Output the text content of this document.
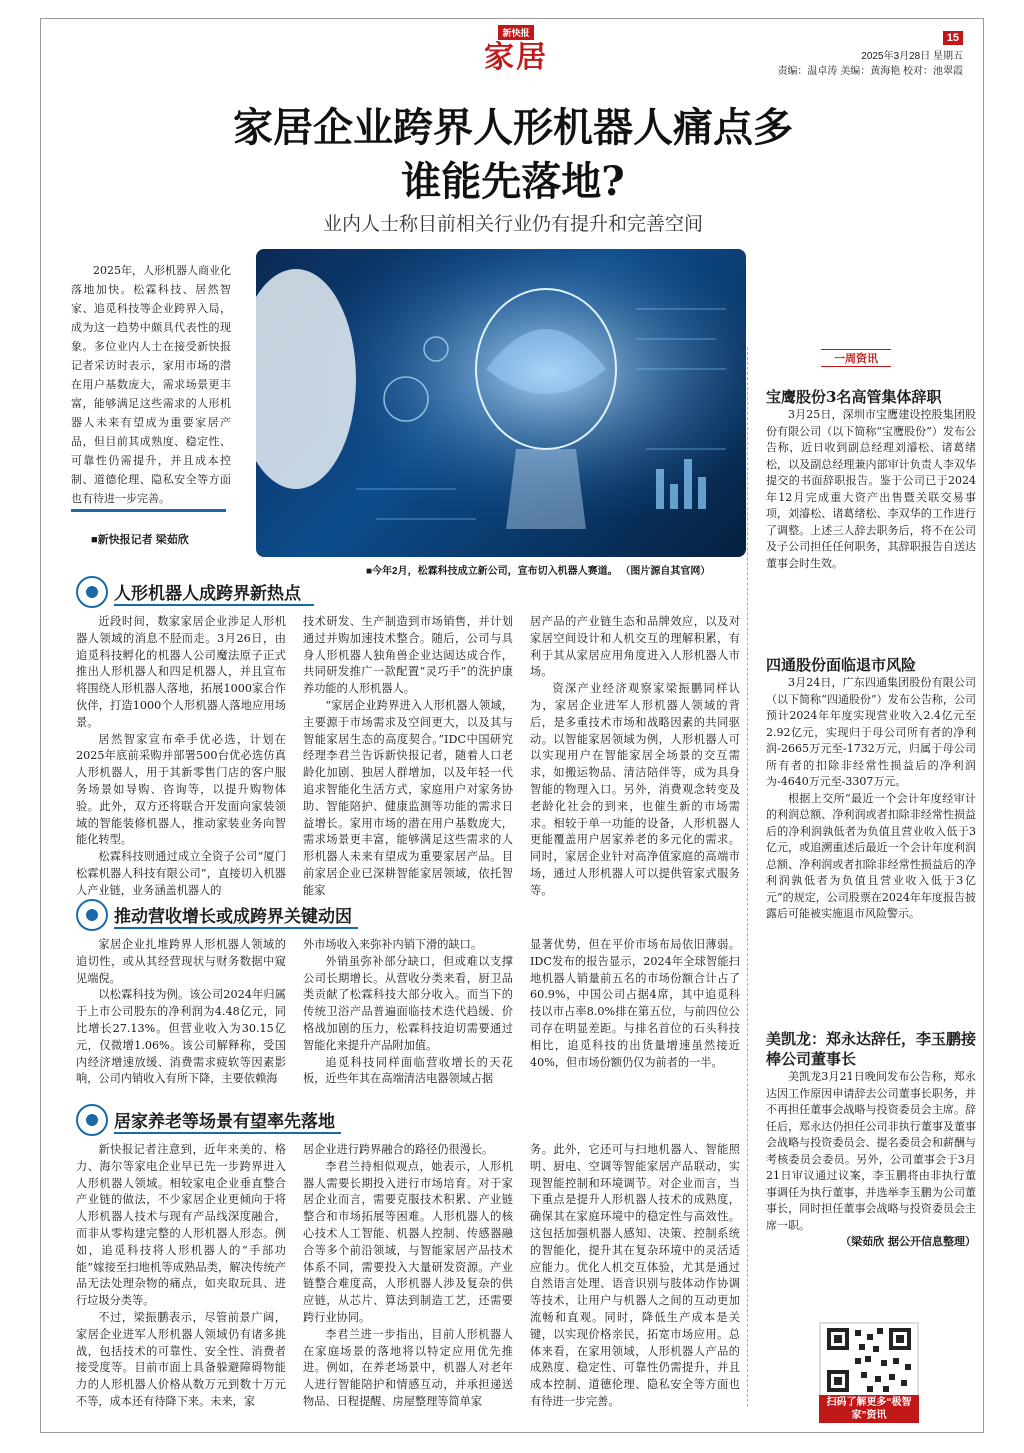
新快报
家居
15
2025年3月28日 星期五
责编：温卓涛 美编：黄海艳 校对：池翠霞
家居企业跨界人形机器人痛点多
谁能先落地?
业内人士称目前相关行业仍有提升和完善空间

2025年，人形机器人商业化落地加快。松霖科技、居然智家、追觅科技等企业跨界入局，成为这一趋势中颇具代表性的现象。多位业内人士在接受新快报记者采访时表示，家用市场的潜在用户基数庞大，需求场景更丰富，能够满足这些需求的人形机器人未来有望成为重要家居产品，但目前其成熟度、稳定性、可靠性仍需提升，并且成本控制、道德伦理、隐私安全等方面也有待进一步完善。

■新快报记者 梁茹欣
■今年2月，松霖科技成立新公司，宣布切入机器人赛道。 （图片源自其官网）
人形机器人成跨界新热点

近段时间，数家家居企业涉足人形机器人领域的消息不胫而走。3月26日，由追觅科技孵化的机器人公司魔法原子正式推出人形机器人和四足机器人，并且宣布将围绕人形机器人落地，拓展1000家合作伙伴，打造1000个人形机器人落地应用场景。

居然智家宣布牵手优必选，计划在2025年底前采购并部署500台优必选仿真人形机器人，用于其新零售门店的客户服务场景如导购、咨询等，以提升购物体验。此外，双方还将联合开发面向家装领域的智能装修机器人，推动家装业务向智能化转型。

松霖科技则通过成立全资子公司“厦门松霖机器人科技有限公司”，直接切入机器人产业链，业务涵盖机器人的

技术研发、生产制造到市场销售，并计划通过并购加速技术整合。随后，公司与具身人形机器人独角兽企业达闼达成合作，共同研发推广一款配置“灵巧手”的洗护康养功能的人形机器人。

“家居企业跨界进入人形机器人领域，主要源于市场需求及空间更大，以及其与智能家居生态的高度契合。”IDC中国研究经理李君兰告诉新快报记者，随着人口老龄化加剧、独居人群增加，以及年轻一代追求智能化生活方式，家庭用户对家务协助、智能陪护、健康监测等功能的需求日益增长。家用市场的潜在用户基数庞大，需求场景更丰富，能够满足这些需求的人形机器人未来有望成为重要家居产品。目前家居企业已深耕智能家居领域，依托智能家

居产品的产业链生态和品牌效应，以及对家居空间设计和人机交互的理解积累，有利于其从家居应用角度进入人形机器人市场。

资深产业经济观察家梁振鹏同样认为，家居企业进军人形机器人领域的背后，是多重技术市场和战略因素的共同驱动。以智能家居领域为例，人形机器人可以实现用户在智能家居全场景的交互需求，如搬运物品、清洁陪伴等，成为具身智能的物理入口。另外，消费观念转变及老龄化社会的到来，也催生新的市场需求。相较于单一功能的设备，人形机器人更能覆盖用户居家养老的多元化的需求。同时，家居企业针对高净值家庭的高端市场，通过人形机器人可以提供管家式服务等。

推动营收增长或成跨界关键动因

家居企业扎堆跨界人形机器人领域的追切性，或从其经营现状与财务数据中窥见端倪。

以松霖科技为例。该公司2024年归属于上市公司股东的净利润为4.48亿元，同比增长27.13%。但营业收入为30.15亿元，仅微增1.06%。该公司解释称，受国内经济增速放缓、消费需求疲软等因素影响，公司内销收入有所下降，主要依赖海

外市场收入来弥补内销下滑的缺口。

外销虽弥补部分缺口，但或难以支撑公司长期增长。从营收分类来看，厨卫品类贡献了松霖科技大部分收入。而当下的传统卫浴产品普遍面临技术迭代趋缓、价格战加剧的压力，松霖科技迫切需要通过智能化来提升产品附加值。

追觅科技同样面临营收增长的天花板，近些年其在高端清洁电器领域占据

显著优势，但在平价市场布局依旧薄弱。IDC发布的报告显示，2024年全球智能扫地机器人销量前五名的市场份额合计占了60.9%，中国公司占据4席，其中追觅科技以市占率8.0%排在第五位，与前四位公司存在明显差距。与排名首位的石头科技相比，追觅科技的出货量增速虽然接近40%，但市场份额仍仅为前者的一半。

居家养老等场景有望率先落地

新快报记者注意到，近年来美的、格力、海尔等家电企业早已先一步跨界进入人形机器人领域。相较家电企业垂直整合产业链的做法，不少家居企业更倾向于将人形机器人技术与现有产品线深度融合，而非从零构建完整的人形机器人形态。例如，追觅科技将人形机器人的“手部功能”嫁接至扫地机等成熟品类，解决传统产品无法处理杂物的痛点，如夹取玩具、进行垃圾分类等。

不过，梁振鹏表示，尽管前景广阔，家居企业进军人形机器人领域仍有诸多挑战，包括技术的可靠性、安全性、消费者接受度等。目前市面上具备躲避障碍物能力的人形机器人价格从数万元到数十万元不等，成本还有待降下来。未来，家

居企业进行跨界融合的路径仍很漫长。

李君兰持相似观点，她表示，人形机器人需要长期投入进行市场培育。对于家居企业而言，需要克服技术积累、产业链整合和市场拓展等困难。人形机器人的核心技术人工智能、机器人控制、传感器融合等多个前沿领域，与智能家居产品技术体系不同，需要投入大量研发资源。产业链整合难度高，人形机器人涉及复杂的供应链，从芯片、算法到制造工艺，还需要跨行业协同。

李君兰进一步指出，目前人形机器人在家庭场景的落地将以特定应用优先推进。例如，在养老场景中，机器人对老年人进行智能陪护和情感互动，并承担递送物品、日程提醒、房屋整理等简单家

务。此外，它还可与扫地机器人、智能照明、厨电、空调等智能家居产品联动，实现智能控制和环境调节。对企业而言，当下重点是提升人形机器人技术的成熟度，确保其在家庭环境中的稳定性与高效性。这包括加强机器人感知、决策、控制系统的智能化，提升其在复杂环境中的灵活适应能力。优化人机交互体验，尤其是通过自然语言处理、语音识别与肢体动作协调等技术，让用户与机器人之间的互动更加流畅和直观。同时，降低生产成本是关键，以实现价格亲民，拓宽市场应用。总体来看，在家用领域，人形机器人产品的成熟度、稳定性、可靠性仍需提升，并且成本控制、道德伦理、隐私安全等方面也有待进一步完善。

一周资讯
宝鹰股份3名高管集体辞职

3月25日，深圳市宝鹰建设控股集团股份有限公司（以下简称“宝鹰股份”）发布公告称，近日收到副总经理刘濬松、诸葛绪松，以及副总经理兼内部审计负责人李双华提交的书面辞职报告。鉴于公司已于2024年12月完成重大资产出售暨关联交易事项，刘濬松、诸葛绪松、李双华的工作进行了调整。上述三人辞去职务后，将不在公司及子公司担任任何职务，其辞职报告自送达董事会时生效。

四通股份面临退市风险

3月24日，广东四通集团股份有限公司（以下简称“四通股份”）发布公告称，公司预计2024年年度实现营业收入2.4亿元至2.92亿元，实现归于母公司所有者的净利润-2665万元至-1732万元，归属于母公司所有者的扣除非经常性损益后的净利润为-4640万元至-3307万元。

根据上交所“最近一个会计年度经审计的利润总额、净利润或者扣除非经常性损益后的净利润孰低者为负值且营业收入低于3亿元，或追溯重述后最近一个会计年度利润总额、净利润或者扣除非经常性损益后的净利润孰低者为负值且营业收入低于3亿元”的规定，公司股票在2024年年度报告披露后可能被实施退市风险警示。

美凯龙：郑永达辞任，李玉鹏接棒公司董事长

美凯龙3月21日晚间发布公告称，郑永达因工作原因申请辞去公司董事长职务，并不再担任董事会战略与投资委员会主席。辞任后，郑永达仍担任公司非执行董事及董事会战略与投资委员会、提名委员会和薪酬与考核委员会委员。另外，公司董事会于3月21日审议通过议案，李玉鹏将由非执行董事调任为执行董事，并选举李玉鹏为公司董事长，同时担任董事会战略与投资委员会主席一职。

（梁茹欣 据公开信息整理）

扫码了解更多“极智家”资讯
